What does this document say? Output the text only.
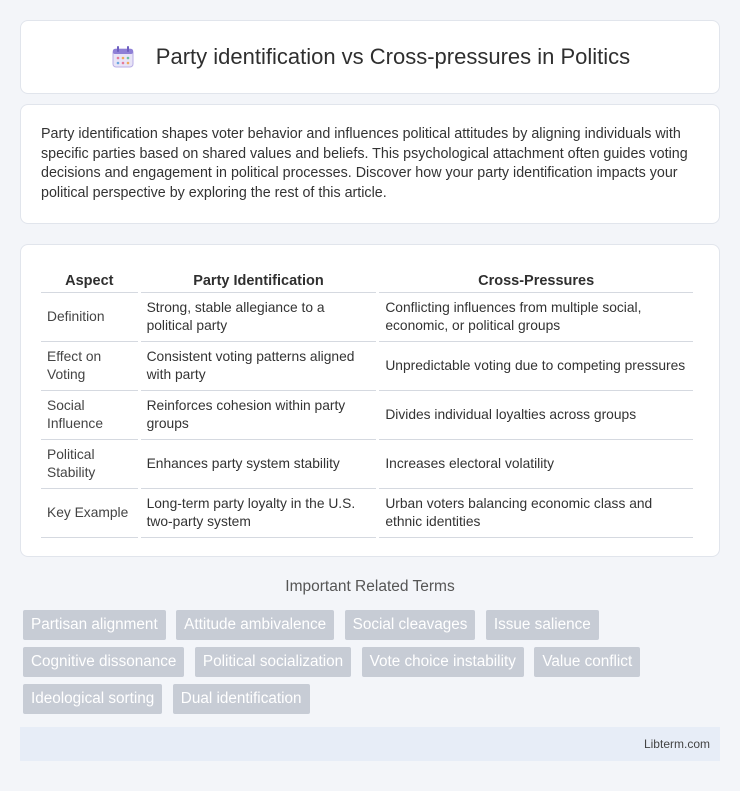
Party identification vs Cross-pressures in Politics

Party identification shapes voter behavior and influences political attitudes by aligning individuals with specific parties based on shared values and beliefs. This psychological attachment often guides voting decisions and engagement in political processes. Discover how your party identification impacts your political perspective by exploring the rest of this article.

Aspect	Party Identification	Cross-Pressures
Definition	Strong, stable allegiance to a political party	Conflicting influences from multiple social, economic, or political groups
Effect on Voting	Consistent voting patterns aligned with party	Unpredictable voting due to competing pressures
Social Influence	Reinforces cohesion within party groups	Divides individual loyalties across groups
Political Stability	Enhances party system stability	Increases electoral volatility
Key Example	Long-term party loyalty in the U.S. two-party system	Urban voters balancing economic class and ethnic identities
Important Related Terms
Partisan alignment Attitude ambivalence Social cleavages Issue salience Cognitive dissonance Political socialization Vote choice instability Value conflict Ideological sorting Dual identification
Libterm.com
